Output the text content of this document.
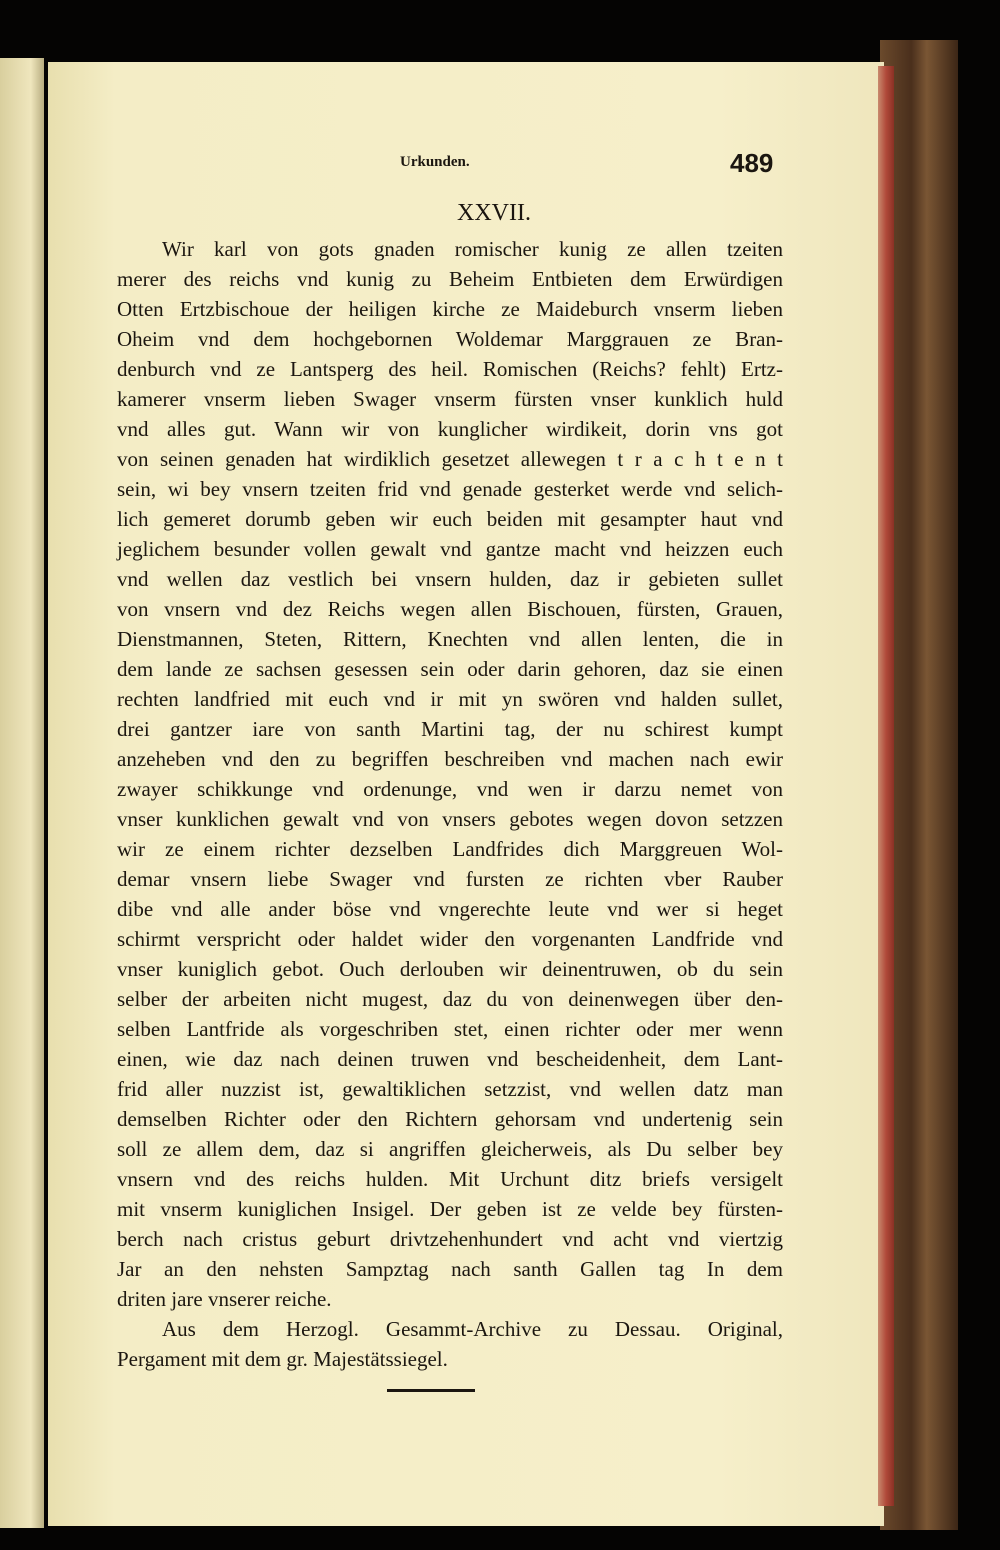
Urkunden.	489
XXVII.
Wir karl von gots gnaden romischer kunig ze allen tzeiten
merer des reichs vnd kunig zu Beheim Entbieten dem Erwürdigen
Otten Ertzbischoue der heiligen kirche ze Maideburch vnserm lieben
Oheim vnd dem hochgebornen Woldemar Marggrauen ze Bran-
denburch vnd ze Lantsperg des heil. Romischen (Reichs? fehlt) Ertz-
kamerer vnserm lieben Swager vnserm fürsten vnser kunklich huld
vnd alles gut. Wann wir von kunglicher wirdikeit, dorin vns got
von seinen genaden hat wirdiklich gesetzet allewegen t r a c h t e n t
sein, wi bey vnsern tzeiten frid vnd genade gesterket werde vnd selich-
lich gemeret dorumb geben wir euch beiden mit gesampter haut vnd
jeglichem besunder vollen gewalt vnd gantze macht vnd heizzen euch
vnd wellen daz vestlich bei vnsern hulden, daz ir gebieten sullet
von vnsern vnd dez Reichs wegen allen Bischouen, fürsten, Grauen,
Dienstmannen, Steten, Rittern, Knechten vnd allen lenten, die in
dem lande ze sachsen gesessen sein oder darin gehoren, daz sie einen
rechten landfried mit euch vnd ir mit yn swören vnd halden sullet,
drei gantzer iare von santh Martini tag, der nu schirest kumpt
anzeheben vnd den zu begriffen beschreiben vnd machen nach ewir
zwayer schikkunge vnd ordenunge, vnd wen ir darzu nemet von
vnser kunklichen gewalt vnd von vnsers gebotes wegen dovon setzzen
wir ze einem richter dezselben Landfrides dich Marggreuen Wol-
demar vnsern liebe Swager vnd fursten ze richten vber Rauber
dibe vnd alle ander böse vnd vngerechte leute vnd wer si heget
schirmt verspricht oder haldet wider den vorgenanten Landfride vnd
vnser kuniglich gebot. Ouch derlouben wir deinentruwen, ob du sein
selber der arbeiten nicht mugest, daz du von deinenwegen über den-
selben Lantfride als vorgeschriben stet, einen richter oder mer wenn
einen, wie daz nach deinen truwen vnd bescheidenheit, dem Lant-
frid aller nuzzist ist, gewaltiklichen setzzist, vnd wellen datz man
demselben Richter oder den Richtern gehorsam vnd undertenig sein
soll ze allem dem, daz si angriffen gleicherweis, als Du selber bey
vnsern vnd des reichs hulden. Mit Urchunt ditz briefs versigelt
mit vnserm kuniglichen Insigel. Der geben ist ze velde bey fürsten-
berch nach cristus geburt drivtzehenhundert vnd acht vnd viertzig
Jar an den nehsten Sampztag nach santh Gallen tag In dem
driten jare vnserer reiche.
Aus dem Herzogl. Gesammt-Archive zu Dessau. Original,
Pergament mit dem gr. Majestätssiegel.
